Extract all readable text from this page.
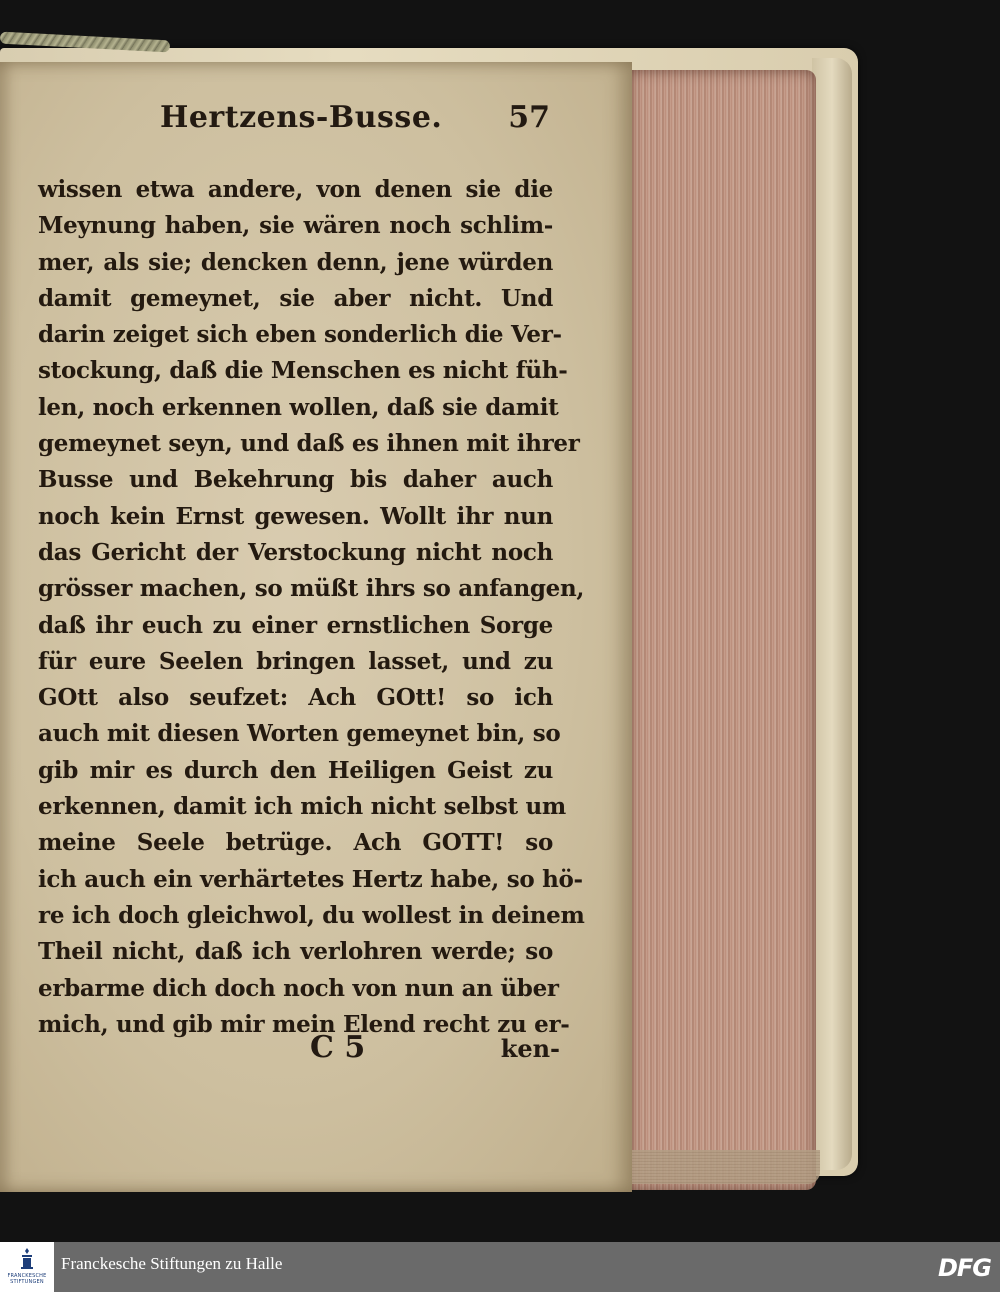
Hertzens-Busse. 57
wissen etwa andere, von denen sie die
Meynung haben, sie wären noch schlim-
mer, als sie; dencken denn, jene würden
damit gemeynet, sie aber nicht. Und
darin zeiget sich eben sonderlich die Ver-
stockung, daß die Menschen es nicht füh-
len, noch erkennen wollen, daß sie damit
gemeynet seyn, und daß es ihnen mit ihrer
Busse und Bekehrung bis daher auch
noch kein Ernst gewesen. Wollt ihr nun
das Gericht der Verstockung nicht noch
grösser machen, so müßt ihrs so anfangen,
daß ihr euch zu einer ernstlichen Sorge
für eure Seelen bringen lasset, und zu
GOtt also seufzet: Ach GOtt! so ich
auch mit diesen Worten gemeynet bin, so
gib mir es durch den Heiligen Geist zu
erkennen, damit ich mich nicht selbst um
meine Seele betrüge. Ach GOTT! so
ich auch ein verhärtetes Hertz habe, so hö-
re ich doch gleichwol, du wollest in deinem
Theil nicht, daß ich verlohren werde; so
erbarme dich doch noch von nun an über
mich, und gib mir mein Elend recht zu er-
C 5	ken-
FRANCKESCHE
STIFTUNGEN
Franckesche Stiftungen zu Halle	DFG
